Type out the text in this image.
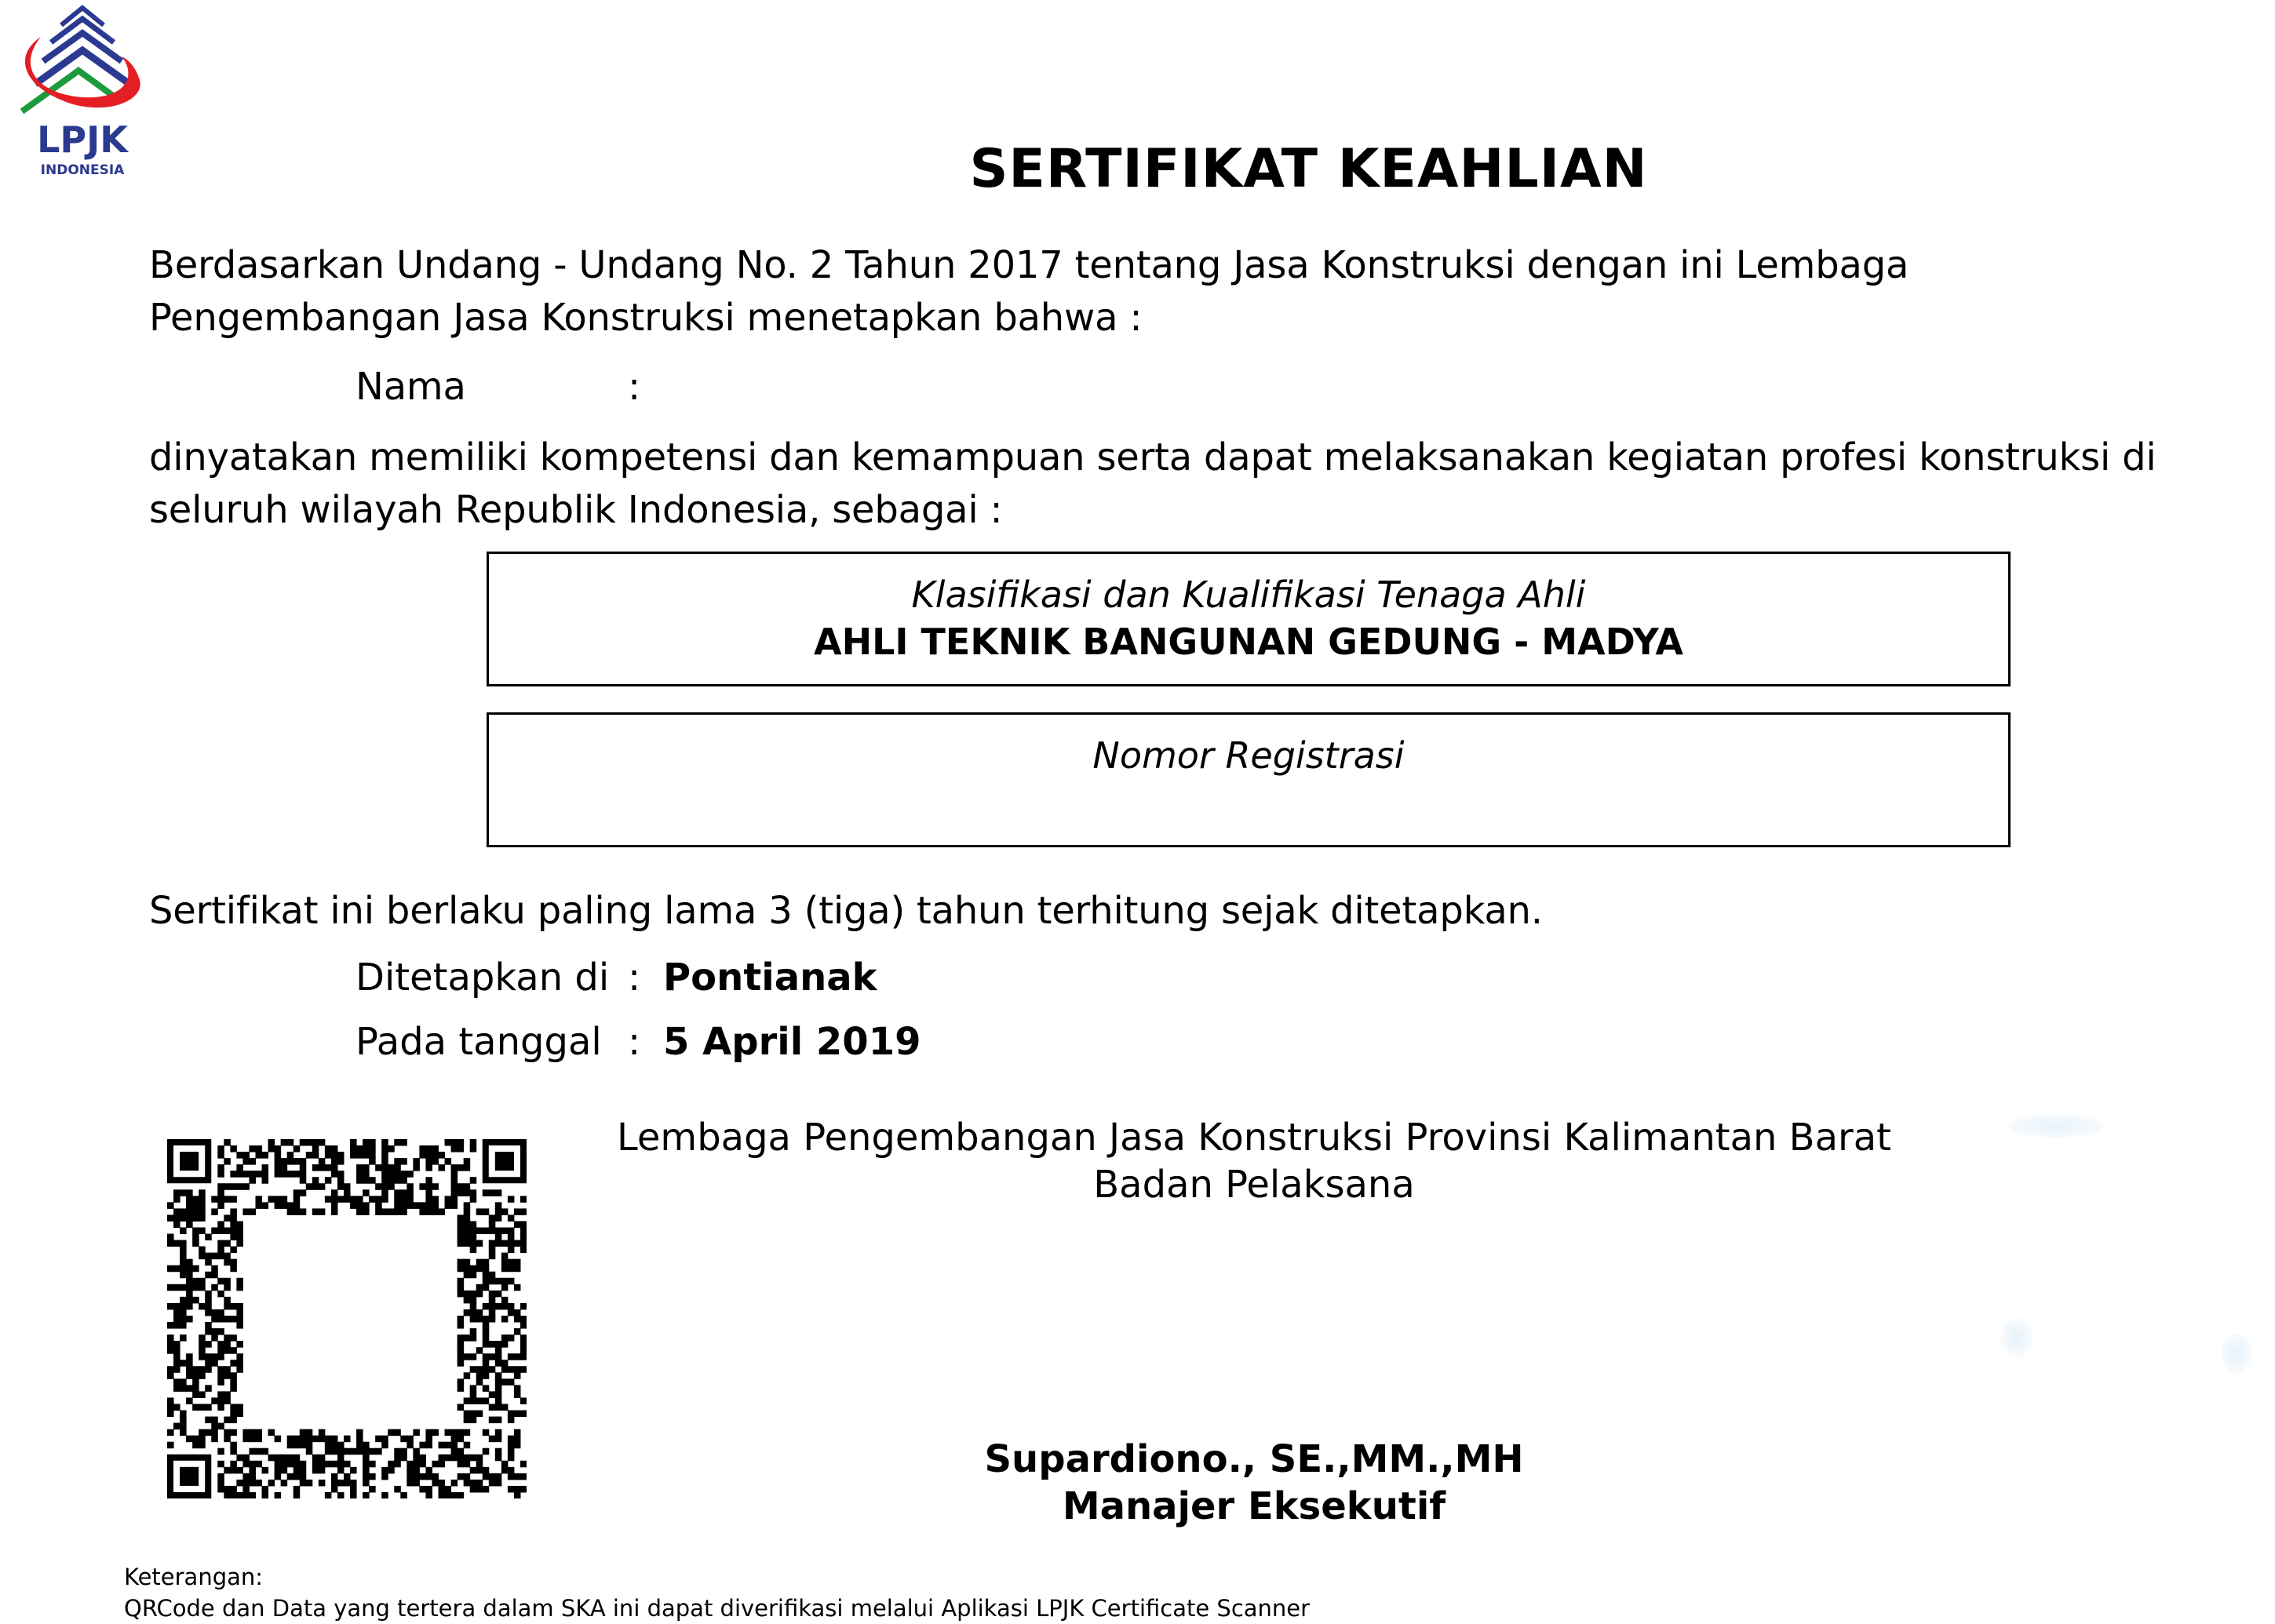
LPJK
INDONESIA	SERTIFIKAT KEAHLIAN
Berdasarkan Undang - Undang No. 2 Tahun 2017 tentang Jasa Konstruksi dengan ini Lembaga Pengembangan Jasa Konstruksi menetapkan bahwa :
Nama	:
dinyatakan memiliki kompetensi dan kemampuan serta dapat melaksanakan kegiatan profesi konstruksi di seluruh wilayah Republik Indonesia, sebagai :
Klasifikasi dan Kualifikasi Tenaga Ahli
AHLI TEKNIK BANGUNAN GEDUNG - MADYA
Nomor Registrasi
Sertifikat ini berlaku paling lama 3 (tiga) tahun terhitung sejak ditetapkan.
Ditetapkan di : Pontianak
Pada tanggal : 5 April 2019
Lembaga Pengembangan Jasa Konstruksi Provinsi Kalimantan Barat
Badan Pelaksana
Supardiono., SE.,MM.,MH
Manajer Eksekutif
Keterangan:
QRCode dan Data yang tertera dalam SKA ini dapat diverifikasi melalui Aplikasi LPJK Certificate Scanner
